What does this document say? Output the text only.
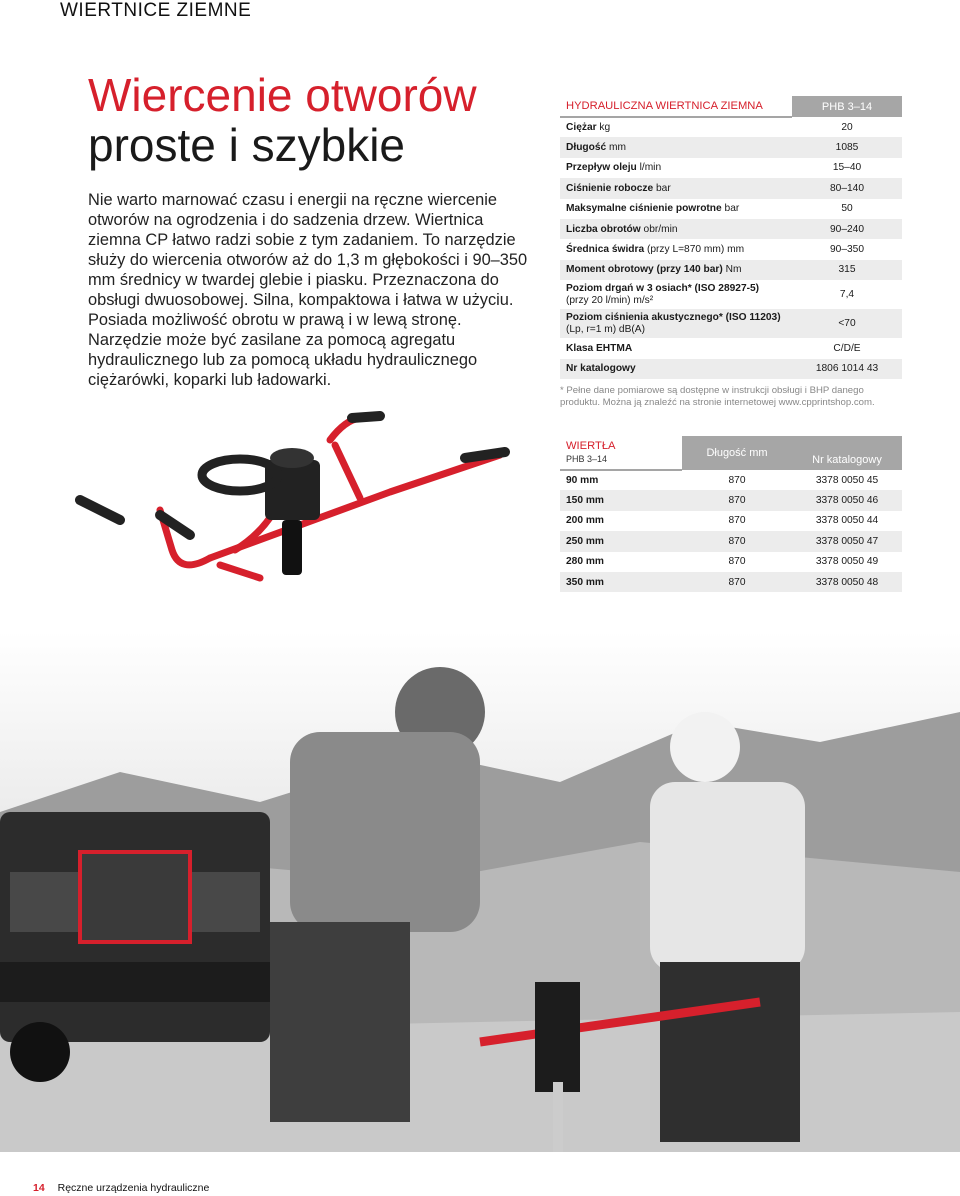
WIERTNICE ZIEMNE
Wiercenie otworów
proste i szybkie

Nie warto marnować czasu i energii na ręczne wiercenie otworów na ogrodzenia i do sadzenia drzew. Wiertnica ziemna CP łatwo radzi sobie z tym zadaniem. To narzędzie służy do wiercenia otworów aż do 1,3 m głębokości i 90–350 mm średnicy w twardej glebie i piasku. Przeznaczona do obsługi dwuosobowej. Silna, kompaktowa i łatwa w użyciu. Posiada możliwość obrotu w prawą i w lewą stronę. Narzędzie może być zasilane za pomocą agregatu hydraulicznego lub za pomocą układu hydraulicznego ciężarówki, koparki lub ładowarki.

HYDRAULICZNA WIERTNICA ZIEMNA	PHB 3–14
Ciężar kg	20
Długość mm	1085
Przepływ oleju l/min	15–40
Ciśnienie robocze bar	80–140
Maksymalne ciśnienie powrotne bar	50
Liczba obrotów obr/min	90–240
Średnica świdra (przy L=870 mm) mm	90–350
Moment obrotowy (przy 140 bar) Nm	315
Poziom drgań w 3 osiach* (ISO 28927-5)
(przy 20 l/min) m/s²	7,4
Poziom ciśnienia akustycznego* (ISO 11203)
(Lp, r=1 m) dB(A)	<70
Klasa EHTMA	C/D/E
Nr katalogowy	1806 1014 43

* Pełne dane pomiarowe są dostępne w instrukcji obsługi i BHP danego produktu. Można ją znaleźć na stronie internetowej www.cpprintshop.com.

WIERTŁA
PHB 3–14	Długość mm	Nr katalogowy
90 mm	870	3378 0050 45
150 mm	870	3378 0050 46
200 mm	870	3378 0050 44
250 mm	870	3378 0050 47
280 mm	870	3378 0050 49
350 mm	870	3378 0050 48
14 Ręczne urządzenia hydrauliczne
